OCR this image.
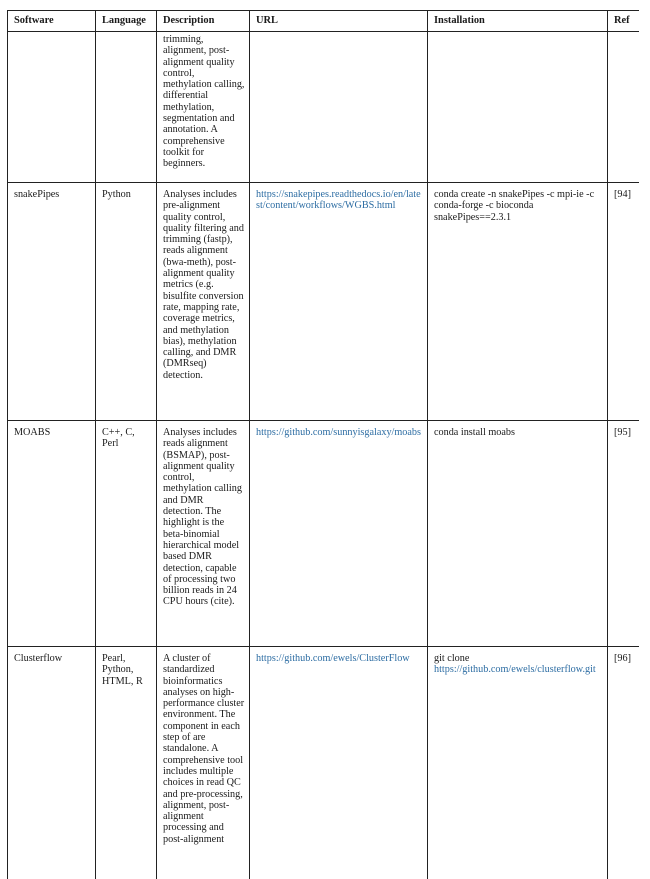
Software	Language	Description	URL	Installation	Ref
		trimming, alignment, post-alignment quality control, methylation calling, differential methylation, segmentation and annotation. A comprehensive toolkit for beginners.			
snakePipes	Python	Analyses includes pre-alignment quality control, quality filtering and trimming (fastp), reads alignment (bwa-meth), post-alignment quality metrics (e.g. bisulfite conversion rate, mapping rate, coverage metrics, and methylation bias), methylation calling, and DMR (DMRseq) detection.	https://snakepipes.readthedocs.io/en/latest/content/workflows/WGBS.html	conda create -n snakePipes -c mpi-ie -c conda-forge -c bioconda snakePipes==2.3.1	[94]
MOABS	C++, C, Perl	Analyses includes reads alignment (BSMAP), post-alignment quality control, methylation calling and DMR detection. The highlight is the beta-binomial hierarchical model based DMR detection, capable of processing two billion reads in 24 CPU hours (cite).	https://github.com/sunnyisgalaxy/moabs	conda install moabs	[95]
Clusterflow	Pearl, Python, HTML, R	A cluster of standardized bioinformatics analyses on high-performance cluster environment. The component in each step of are standalone. A comprehensive tool includes multiple choices in read QC and pre-processing, alignment, post-alignment processing and post-alignment	https://github.com/ewels/ClusterFlow	git clone https://github.com/ewels/clusterflow.git	[96]
